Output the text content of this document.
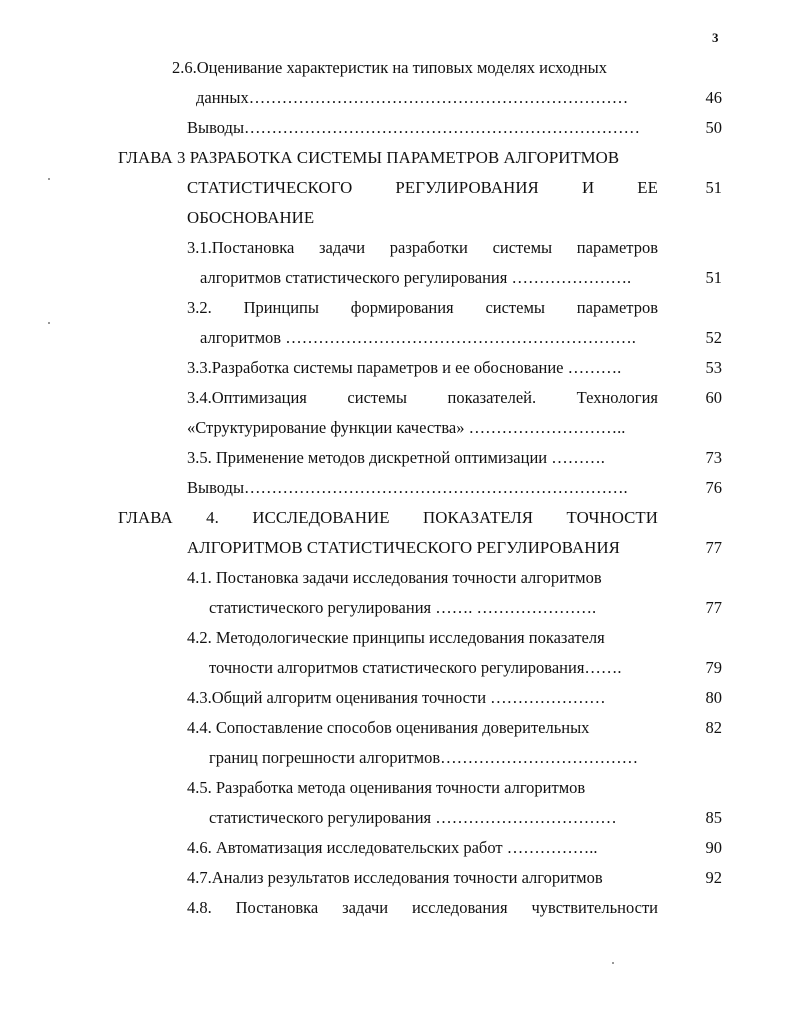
3
2.6.Оценивание характеристик на типовых моделях исходных
данных……………………………………………………………	46
Выводы………………………………………………………………	50
ГЛАВА 3 РАЗРАБОТКА СИСТЕМЫ ПАРАМЕТРОВ АЛГОРИТМОВ
СТАТИСТИЧЕСКОГО РЕГУЛИРОВАНИЯ И ЕЕ	51
ОБОСНОВАНИЕ
3.1.Постановка задачи разработки системы параметров
алгоритмов статистического регулирования ………………….	51
3.2. Принципы формирования системы параметров
алгоритмов ……………………………………………………….	52
3.3.Разработка системы параметров и ее обоснование ……….	53
3.4.Оптимизация системы показателей. Технология	60
«Структурирование функции качества» ………………………..
3.5. Применение методов дискретной оптимизации ……….	73
Выводы…………………………………………………………….	76
ГЛАВА 4. ИССЛЕДОВАНИЕ ПОКАЗАТЕЛЯ ТОЧНОСТИ
АЛГОРИТМОВ СТАТИСТИЧЕСКОГО РЕГУЛИРОВАНИЯ	77
4.1. Постановка задачи исследования точности алгоритмов
статистического регулирования ……. ………………….	77
4.2. Методологические принципы исследования показателя
точности алгоритмов статистического регулирования…….	79
4.3.Общий алгоритм оценивания точности …………………	80
4.4. Сопоставление способов оценивания доверительных	82
границ погрешности алгоритмов………………………………
4.5. Разработка метода оценивания точности алгоритмов
статистического регулирования ……………………………	85
4.6. Автоматизация исследовательских работ ……………..	90
4.7.Анализ результатов исследования точности алгоритмов	92
4.8. Постановка задачи исследования чувствительности
